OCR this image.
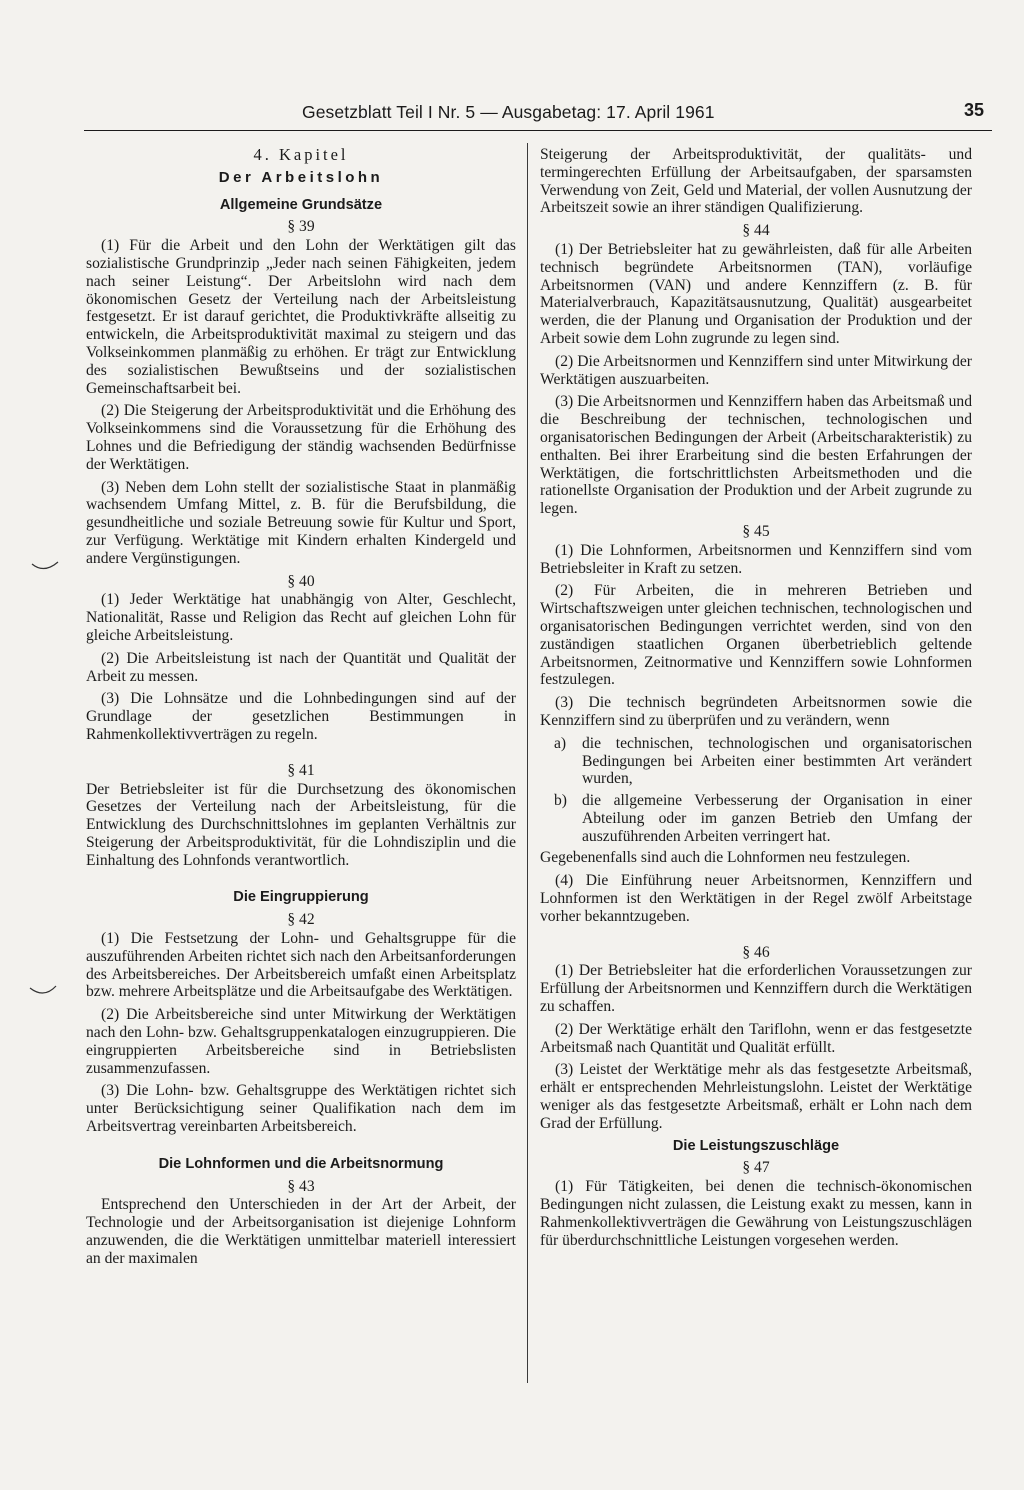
Gesetzblatt Teil I Nr. 5 — Ausgabetag: 17. April 1961	35

4. Kapitel

Der Arbeitslohn

Allgemeine Grundsätze

§ 39

(1) Für die Arbeit und den Lohn der Werktätigen gilt das sozialistische Grundprinzip „Jeder nach seinen Fähigkeiten, jedem nach seiner Leistung“. Der Arbeitslohn wird nach dem ökonomischen Gesetz der Verteilung nach der Arbeitsleistung festgesetzt. Er ist darauf gerichtet, die Produktivkräfte allseitig zu entwickeln, die Arbeitsproduktivität maximal zu steigern und das Volkseinkommen planmäßig zu erhöhen. Er trägt zur Entwicklung des sozialistischen Bewußtseins und der sozialistischen Gemeinschaftsarbeit bei.

(2) Die Steigerung der Arbeitsproduktivität und die Erhöhung des Volkseinkommens sind die Voraussetzung für die Erhöhung des Lohnes und die Befriedigung der ständig wachsenden Bedürfnisse der Werktätigen.

(3) Neben dem Lohn stellt der sozialistische Staat in planmäßig wachsendem Umfang Mittel, z. B. für die Berufsbildung, die gesundheitliche und soziale Betreuung sowie für Kultur und Sport, zur Verfügung. Werktätige mit Kindern erhalten Kindergeld und andere Vergünstigungen.

§ 40

(1) Jeder Werktätige hat unabhängig von Alter, Geschlecht, Nationalität, Rasse und Religion das Recht auf gleichen Lohn für gleiche Arbeitsleistung.

(2) Die Arbeitsleistung ist nach der Quantität und Qualität der Arbeit zu messen.

(3) Die Lohnsätze und die Lohnbedingungen sind auf der Grundlage der gesetzlichen Bestimmungen in Rahmenkollektivverträgen zu regeln.

§ 41

Der Betriebsleiter ist für die Durchsetzung des ökonomischen Gesetzes der Verteilung nach der Arbeitsleistung, für die Entwicklung des Durchschnittslohnes im geplanten Verhältnis zur Steigerung der Arbeitsproduktivität, für die Lohndisziplin und die Einhaltung des Lohnfonds verantwortlich.

Die Eingruppierung

§ 42

(1) Die Festsetzung der Lohn- und Gehaltsgruppe für die auszuführenden Arbeiten richtet sich nach den Arbeitsanforderungen des Arbeitsbereiches. Der Arbeitsbereich umfaßt einen Arbeitsplatz bzw. mehrere Arbeitsplätze und die Arbeitsaufgabe des Werktätigen.

(2) Die Arbeitsbereiche sind unter Mitwirkung der Werktätigen nach den Lohn- bzw. Gehaltsgruppenkatalogen einzugruppieren. Die eingruppierten Arbeitsbereiche sind in Betriebslisten zusammenzufassen.

(3) Die Lohn- bzw. Gehaltsgruppe des Werktätigen richtet sich unter Berücksichtigung seiner Qualifikation nach dem im Arbeitsvertrag vereinbarten Arbeitsbereich.

Die Lohnformen und die Arbeitsnormung

§ 43

Entsprechend den Unterschieden in der Art der Arbeit, der Technologie und der Arbeitsorganisation ist diejenige Lohnform anzuwenden, die die Werktätigen unmittelbar materiell interessiert an der maximalen

Steigerung der Arbeitsproduktivität, der qualitäts- und termingerechten Erfüllung der Arbeitsaufgaben, der sparsamsten Verwendung von Zeit, Geld und Material, der vollen Ausnutzung der Arbeitszeit sowie an ihrer ständigen Qualifizierung.

§ 44

(1) Der Betriebsleiter hat zu gewährleisten, daß für alle Arbeiten technisch begründete Arbeitsnormen (TAN), vorläufige Arbeitsnormen (VAN) und andere Kennziffern (z. B. für Materialverbrauch, Kapazitätsausnutzung, Qualität) ausgearbeitet werden, die der Planung und Organisation der Produktion und der Arbeit sowie dem Lohn zugrunde zu legen sind.

(2) Die Arbeitsnormen und Kennziffern sind unter Mitwirkung der Werktätigen auszuarbeiten.

(3) Die Arbeitsnormen und Kennziffern haben das Arbeitsmaß und die Beschreibung der technischen, technologischen und organisatorischen Bedingungen der Arbeit (Arbeitscharakteristik) zu enthalten. Bei ihrer Erarbeitung sind die besten Erfahrungen der Werktätigen, die fortschrittlichsten Arbeitsmethoden und die rationellste Organisation der Produktion und der Arbeit zugrunde zu legen.

§ 45

(1) Die Lohnformen, Arbeitsnormen und Kennziffern sind vom Betriebsleiter in Kraft zu setzen.

(2) Für Arbeiten, die in mehreren Betrieben und Wirtschaftszweigen unter gleichen technischen, technologischen und organisatorischen Bedingungen verrichtet werden, sind von den zuständigen staatlichen Organen überbetrieblich geltende Arbeitsnormen, Zeitnormative und Kennziffern sowie Lohnformen festzulegen.

(3) Die technisch begründeten Arbeitsnormen sowie die Kennziffern sind zu überprüfen und zu verändern, wenn

a)	die technischen, technologischen und organisatorischen Bedingungen bei Arbeiten einer bestimmten Art verändert wurden,
b) die allgemeine Verbesserung der Organisation in einer Abteilung oder im ganzen Betrieb den Umfang der auszuführenden Arbeiten verringert hat.

Gegebenenfalls sind auch die Lohnformen neu festzulegen.

(4) Die Einführung neuer Arbeitsnormen, Kennziffern und Lohnformen ist den Werktätigen in der Regel zwölf Arbeitstage vorher bekanntzugeben.

§ 46

(1) Der Betriebsleiter hat die erforderlichen Voraussetzungen zur Erfüllung der Arbeitsnormen und Kennziffern durch die Werktätigen zu schaffen.

(2) Der Werktätige erhält den Tariflohn, wenn er das festgesetzte Arbeitsmaß nach Quantität und Qualität erfüllt.

(3) Leistet der Werktätige mehr als das festgesetzte Arbeitsmaß, erhält er entsprechenden Mehrleistungslohn. Leistet der Werktätige weniger als das festgesetzte Arbeitsmaß, erhält er Lohn nach dem Grad der Erfüllung.

Die Leistungszuschläge

§ 47

(1) Für Tätigkeiten, bei denen die technisch-ökonomischen Bedingungen nicht zulassen, die Leistung exakt zu messen, kann in Rahmenkollektivverträgen die Gewährung von Leistungszuschlägen für überdurchschnittliche Leistungen vorgesehen werden.
